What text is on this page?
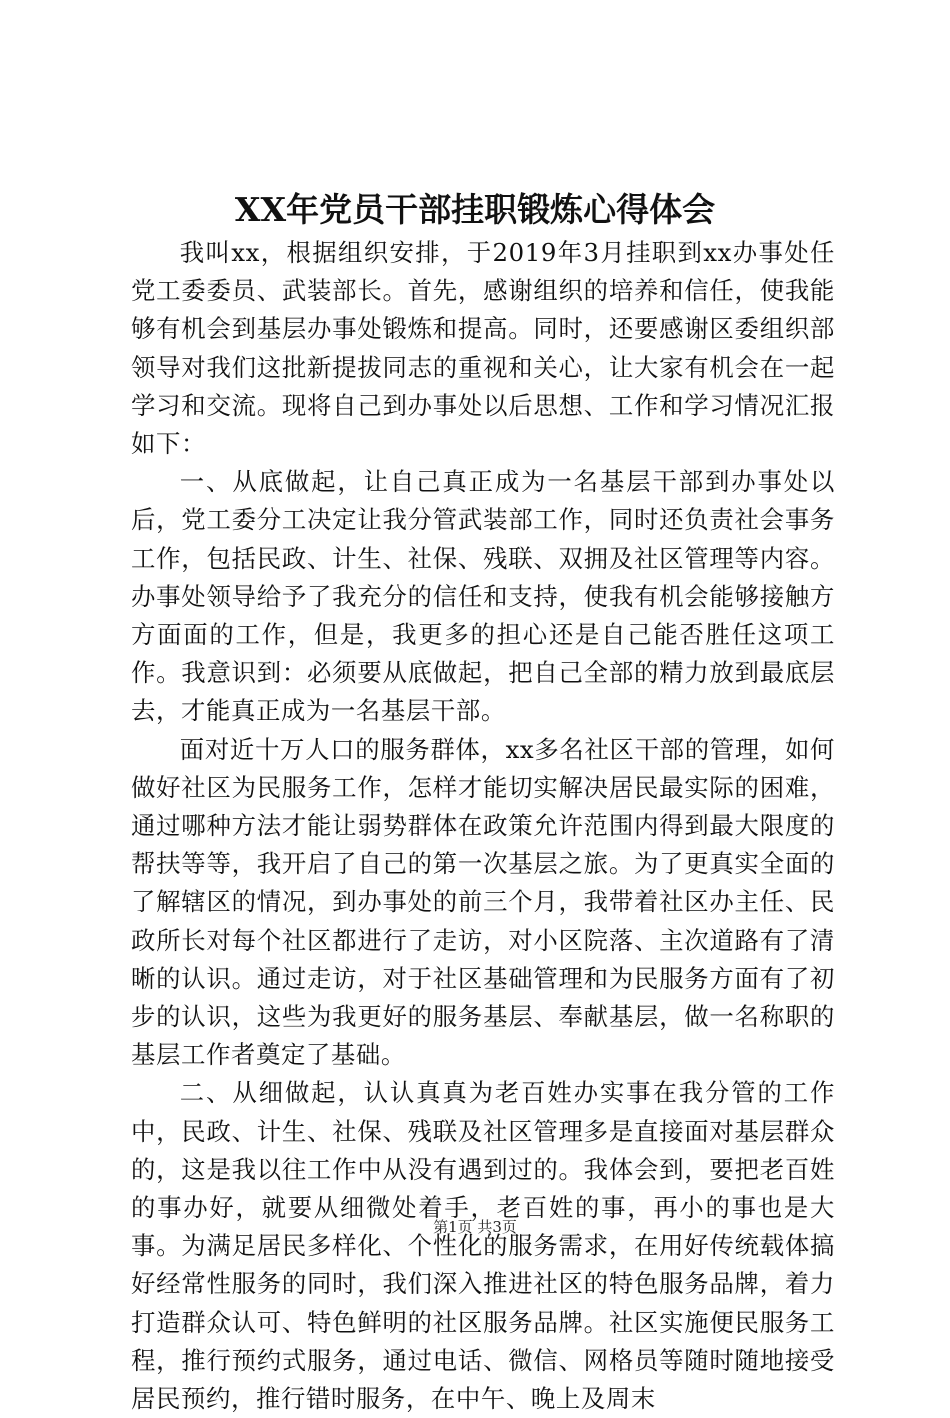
XX年党员干部挂职锻炼心得体会

我叫xx，根据组织安排，于2019年3月挂职到xx办事处任党工委委员、武装部长。首先，感谢组织的培养和信任，使我能够有机会到基层办事处锻炼和提高。同时，还要感谢区委组织部领导对我们这批新提拔同志的重视和关心，让大家有机会在一起学习和交流。现将自己到办事处以后思想、工作和学习情况汇报如下：

一、从底做起，让自己真正成为一名基层干部到办事处以后，党工委分工决定让我分管武装部工作，同时还负责社会事务工作，包括民政、计生、社保、残联、双拥及社区管理等内容。办事处领导给予了我充分的信任和支持，使我有机会能够接触方方面面的工作，但是，我更多的担心还是自己能否胜任这项工作。我意识到：必须要从底做起，把自己全部的精力放到最底层去，才能真正成为一名基层干部。

面对近十万人口的服务群体，xx多名社区干部的管理，如何做好社区为民服务工作，怎样才能切实解决居民最实际的困难，通过哪种方法才能让弱势群体在政策允许范围内得到最大限度的帮扶等等，我开启了自己的第一次基层之旅。为了更真实全面的了解辖区的情况，到办事处的前三个月，我带着社区办主任、民政所长对每个社区都进行了走访，对小区院落、主次道路有了清晰的认识。通过走访，对于社区基础管理和为民服务方面有了初步的认识，这些为我更好的服务基层、奉献基层，做一名称职的基层工作者奠定了基础。

二、从细做起，认认真真为老百姓办实事在我分管的工作中，民政、计生、社保、残联及社区管理多是直接面对基层群众的，这是我以往工作中从没有遇到过的。我体会到，要把老百姓的事办好，就要从细微处着手，老百姓的事，再小的事也是大事。为满足居民多样化、个性化的服务需求，在用好传统载体搞好经常性服务的同时，我们深入推进社区的特色服务品牌，着力打造群众认可、特色鲜明的社区服务品牌。社区实施便民服务工程，推行预约式服务，通过电话、微信、网格员等随时随地接受居民预约，推行错时服务，在中午、晚上及周末

第1页 共3页
